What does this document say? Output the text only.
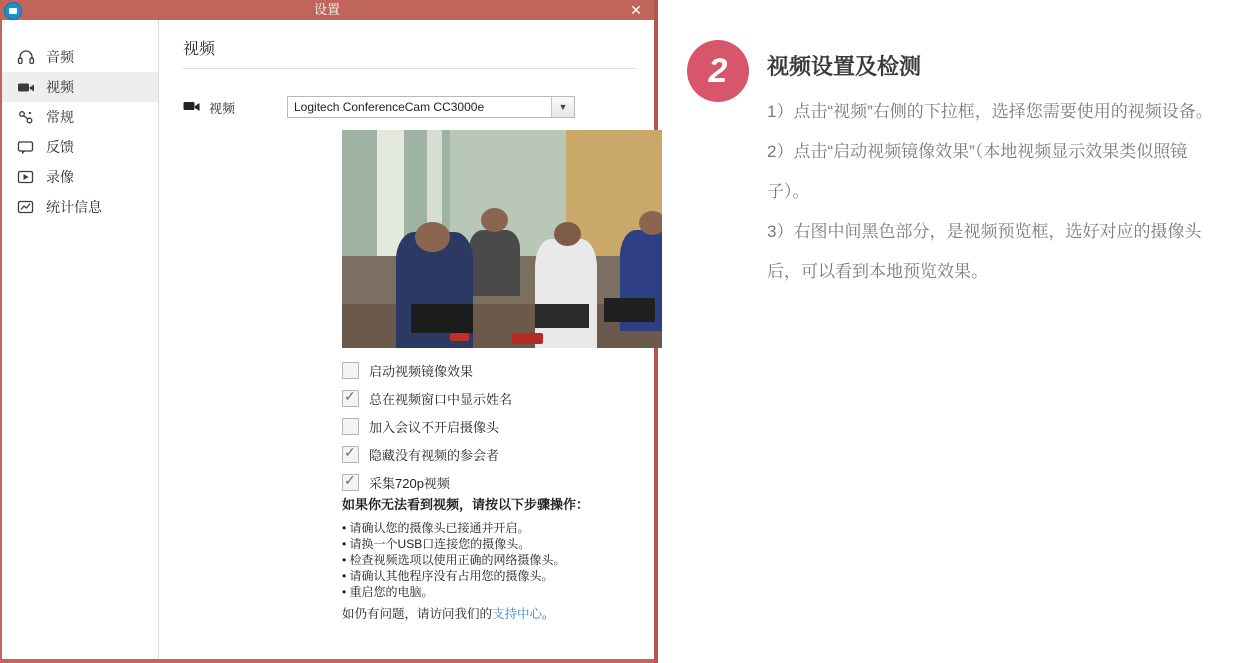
设置	✕
音频
视频
常规
反馈
录像
统计信息
视频
视频	Logitech ConferenceCam CC3000e	▼
启动视频镜像效果
✓
总在视频窗口中显示姓名
加入会议不开启摄像头
✓
隐藏没有视频的参会者
✓
采集720p视频
如果你无法看到视频，请按以下步骤操作：
• 请确认您的摄像头已接通并开启。
• 请换一个USB口连接您的摄像头。
• 检查视频选项以使用正确的网络摄像头。
• 请确认其他程序没有占用您的摄像头。
• 重启您的电脑。
如仍有问题，请访问我们的支持中心。
2	视频设置及检测
1）点击“视频”右侧的下拉框，选择您需要使用的视频设备。
2）点击“启动视频镜像效果”（本地视频显示效果类似照镜子）。
3）右图中间黑色部分，是视频预览框，选好对应的摄像头后，可以看到本地预览效果。
